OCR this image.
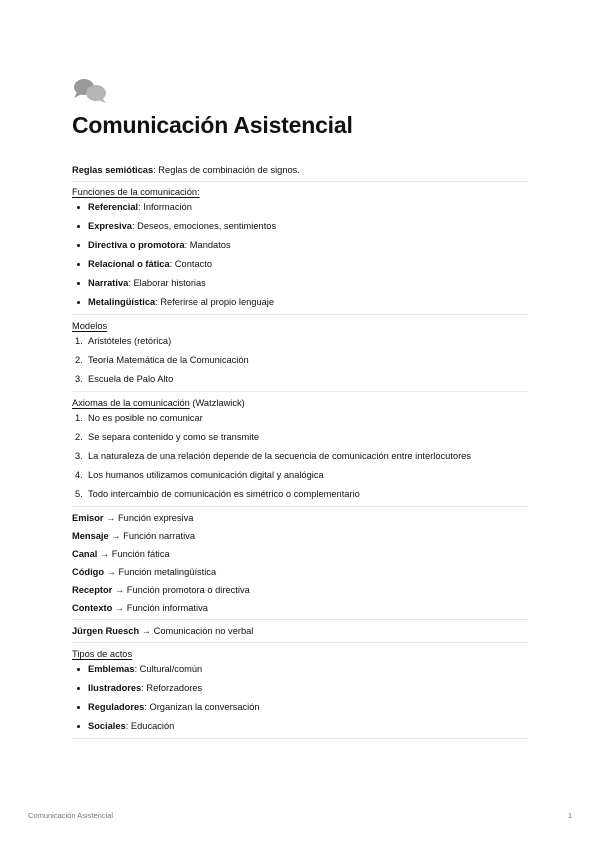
Comunicación Asistencial

Reglas semióticas: Reglas de combinación de signos.

Funciones de la comunicación:

Referencial: Información
Expresiva: Deseos, emociones, sentimientos
Directiva o promotora: Mandatos
Relacional o fática: Contacto
Narrativa: Elaborar historias
Metalingüística: Referirse al propio lenguaje

Modelos

1. Aristóteles (retórica)
2. Teoría Matemática de la Comunicación
3. Escuela de Palo Alto

Axiomas de la comunicación (Watzlawick)

1. No es posible no comunicar
2. Se separa contenido y como se transmite
3. La naturaleza de una relación depende de la secuencia de comunicación entre interlocutores
4. Los humanos utilizamos comunicación digital y analógica
5. Todo intercambio de comunicación es simétrico o complementario

Emisor → Función expresiva

Mensaje → Función narrativa

Canal → Función fática

Código → Función metalingüística

Receptor → Función promotora o directiva

Contexto → Función informativa

Jürgen Ruesch → Comunicación no verbal

Tipos de actos

Emblemas: Cultural/común
Ilustradores: Reforzadores
Reguladores: Organizan la conversación
Sociales: Educación
Comunicación Asistencial	1
